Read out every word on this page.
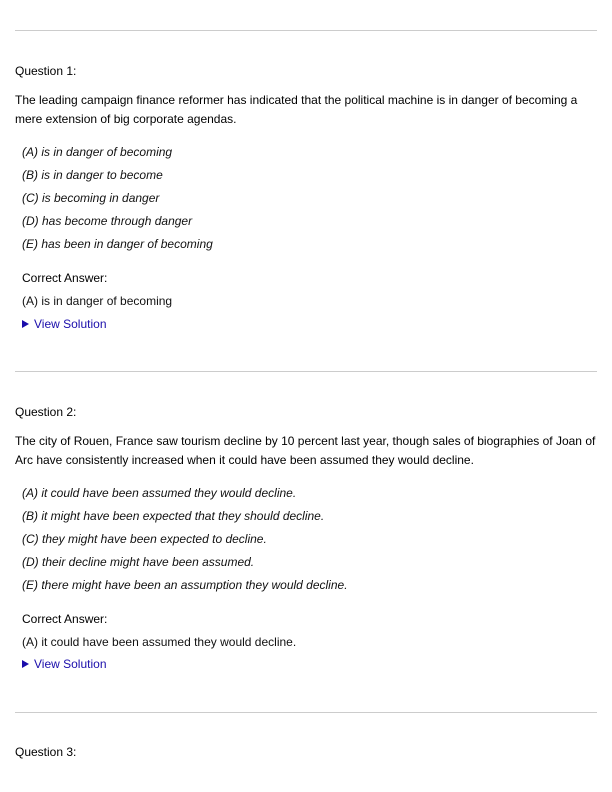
Question 1:

The leading campaign finance reformer has indicated that the political machine is in danger of becoming a mere extension of big corporate agendas.

(A) is in danger of becoming
(B) is in danger to become
(C) is becoming in danger
(D) has become through danger
(E) has been in danger of becoming
Correct Answer:
(A) is in danger of becoming
View Solution

Question 2:

The city of Rouen, France saw tourism decline by 10 percent last year, though sales of biographies of Joan of Arc have consistently increased when it could have been assumed they would decline.

(A) it could have been assumed they would decline.
(B) it might have been expected that they should decline.
(C) they might have been expected to decline.
(D) their decline might have been assumed.
(E) there might have been an assumption they would decline.
Correct Answer:
(A) it could have been assumed they would decline.
View Solution

Question 3:
